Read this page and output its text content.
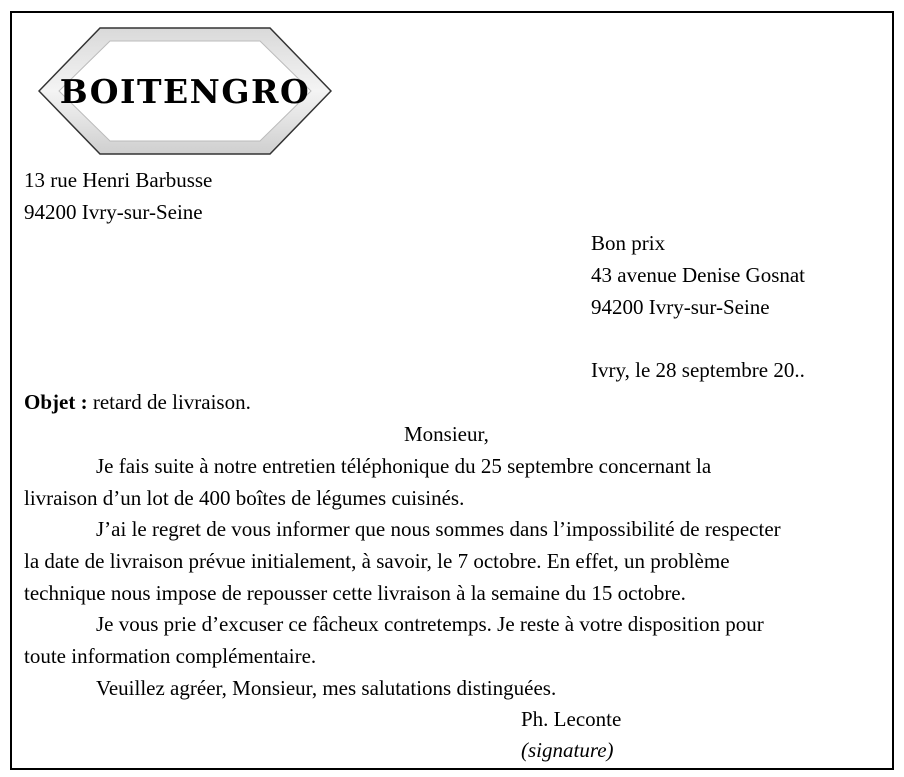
BOITENGRO
13 rue Henri Barbusse
94200 Ivry-sur-Seine
Bon prix
43 avenue Denise Gosnat
94200 Ivry-sur-Seine
Ivry, le 28 septembre 20..
Objet : retard de livraison.
Monsieur,
Je fais suite à notre entretien téléphonique du 25 septembre concernant la
livraison d’un lot de 400 boîtes de légumes cuisinés.
J’ai le regret de vous informer que nous sommes dans l’impossibilité de respecter
la date de livraison prévue initialement, à savoir, le 7 octobre. En effet, un problème
technique nous impose de repousser cette livraison à la semaine du 15 octobre.
Je vous prie d’excuser ce fâcheux contretemps. Je reste à votre disposition pour
toute information complémentaire.
Veuillez agréer, Monsieur, mes salutations distinguées.
Ph. Leconte
(signature)
